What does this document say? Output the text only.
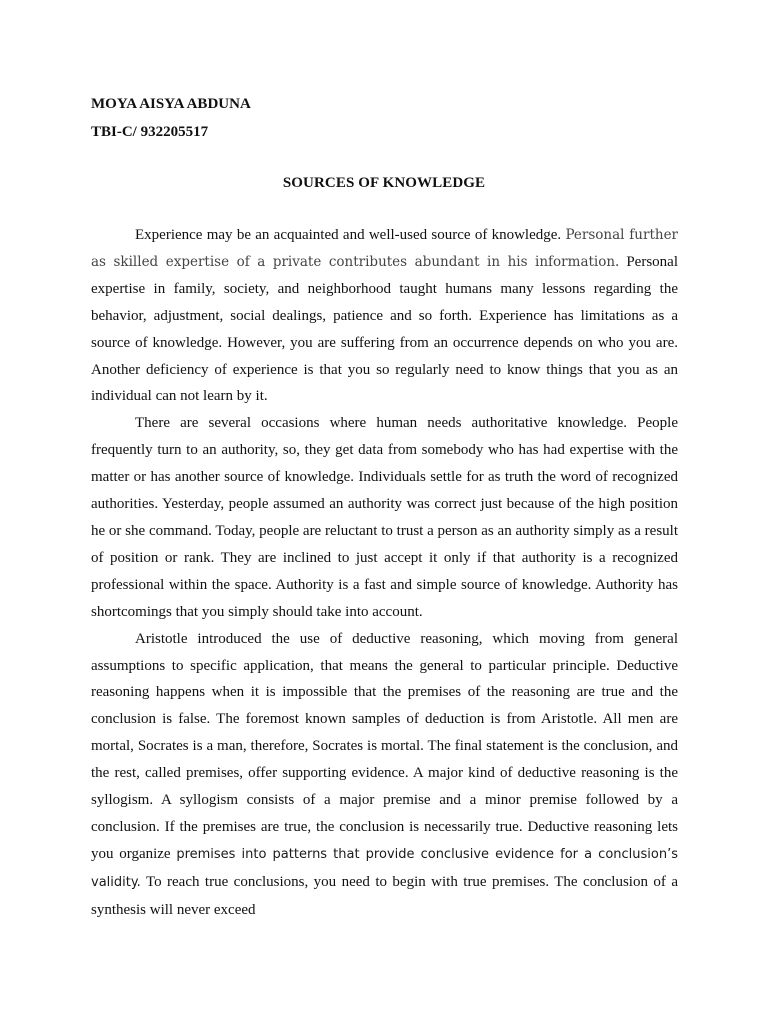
MOYA AISYA ABDUNA
TBI-C/ 932205517
SOURCES OF KNOWLEDGE

Experience may be an acquainted and well-used source of knowledge. Personal further as skilled expertise of a private contributes abundant in his information. Personal expertise in family, society, and neighborhood taught humans many lessons regarding the behavior, adjustment, social dealings, patience and so forth. Experience has limitations as a source of knowledge. However, you are suffering from an occurrence depends on who you are. Another deficiency of experience is that you so regularly need to know things that you as an individual can not learn by it.

There are several occasions where human needs authoritative knowledge. People frequently turn to an authority, so, they get data from somebody who has had expertise with the matter or has another source of knowledge. Individuals settle for as truth the word of recognized authorities. Yesterday, people assumed an authority was correct just because of the high position he or she command. Today, people are reluctant to trust a person as an authority simply as a result of position or rank. They are inclined to just accept it only if that authority is a recognized professional within the space. Authority is a fast and simple source of knowledge. Authority has shortcomings that you simply should take into account.

Aristotle introduced the use of deductive reasoning, which moving from general assumptions to specific application, that means the general to particular principle. Deductive reasoning happens when it is impossible that the premises of the reasoning are true and the conclusion is false. The foremost known samples of deduction is from Aristotle. All men are mortal, Socrates is a man, therefore, Socrates is mortal. The final statement is the conclusion, and the rest, called premises, offer supporting evidence. A major kind of deductive reasoning is the syllogism. A syllogism consists of a major premise and a minor premise followed by a conclusion. If the premises are true, the conclusion is necessarily true. Deductive reasoning lets you organize premises into patterns that provide conclusive evidence for a conclusion’s validity. To reach true conclusions, you need to begin with true premises. The conclusion of a synthesis will never exceed
